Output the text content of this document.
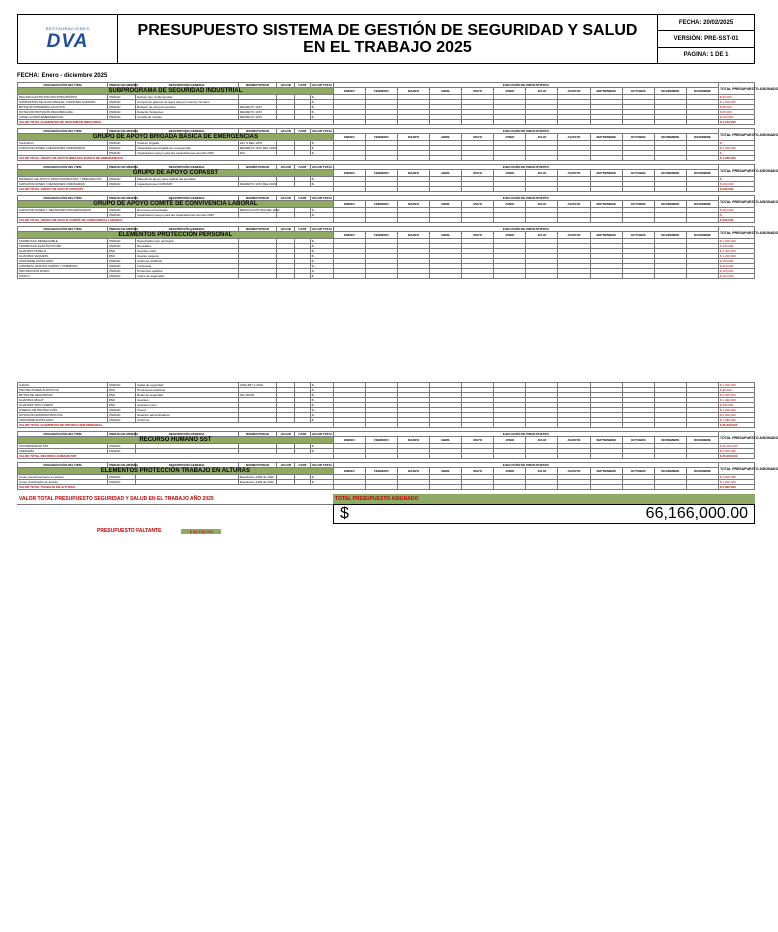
RESTAURACIONES
DVA	PRESUPUESTO SISTEMA DE GESTIÓN DE SEGURIDAD Y SALUD
EN EL TRABAJO 2025
FECHA: 20/02/2025
VERSIÓN: PRE-SST-01
PAGINA: 1 DE 1
FECHA: Enero - diciembre 2025
ORGANIZACIÓN DEL ÍTEM	UNIDAD DE MEDIDA	DESCRIPCIÓN GENERAL	NORMATIVIDAD	VALOR	CANT	VALOR TOTAL	EJECUCIÓN DE PRESUPUESTO												TOTAL PRESUPUESTO ASIGNADO
SUBPROGRAMA DE SEGURIDAD INDUSTRIAL							ENERO	FEBRERO	MARZO	ABRIL	MAYO	JUNIO	JULIO	AGOSTO	SEPTIEMBRE	OCTUBRE	NOVIEMBRE	DICIEMBRE	
RECARGA EXTINTOR MULTIPROPÓSITO	UNIDAD	Extintor tipo multipropósito				$ -													$ 60,000
SUMINISTRO DE AGUA PARA EL CONSUMO HUMANO	UNIDAD	Compra de galones de agua para el consumo humano				$ -													$ 1,200,000
BOTIQUÍN PRIMEROS AUXILIOS	UNIDAD	Botiquín de primeros auxilios	DECRETO 1072			$ -													$ 80,000
DOTACIÓN BOTIQUÍN PARA BRIGADA	UNIDAD	Dotación botiquines	DECRETO 1072			$ -													$ 50,000
CAMILLA PARA EMERGENCIAS	UNIDAD	Camilla de rescate	DECRETO 1072			$ -													$ 120,000
VALOR TOTAL ELEMENTOS DE SEGURIDAD INDUSTRIAL																			$ 1,510,000
ORGANIZACIÓN DEL ÍTEM	UNIDAD DE MEDIDA	DESCRIPCIÓN GENERAL	NORMATIVIDAD	VALOR	CANT	VALOR TOTAL	EJECUCIÓN DE PRESUPUESTO												TOTAL PRESUPUESTO ASIGNADO
GRUPO DE APOYO BRIGADA BÁSICA DE EMERGENCIAS							ENERO	FEBRERO	MARZO	ABRIL	MAYO	JUNIO	JULIO	AGOSTO	SEPTIEMBRE	OCTUBRE	NOVIEMBRE	DICIEMBRE	
CHALECO	UNIDAD	Chaleco brigada	LEY 9 DEL 1979			$ -													$ -
CAPACITACIONES / REUNIONES ORDINARIAS	UNIDAD	Capacitaciones brigada de emergencias	DECRETO 1072 DEL 2015			$ -													$ 1,200,000
	UNIDAD	Capacitación apoyo para las capacitaciones del año 2025	N/A			$ -													$ -
VALOR TOTAL GRUPO DE APOYO BRIGADA BÁSICA DE EMERGENCIAS																			$ 1,200,000
ORGANIZACIÓN DEL ÍTEM	UNIDAD DE MEDIDA	DESCRIPCIÓN GENERAL	NORMATIVIDAD	VALOR	CANT	VALOR TOTAL	EJECUCIÓN DE PRESUPUESTO												TOTAL PRESUPUESTO ASIGNADO
GRUPO DE APOYO COPASST							ENERO	FEBRERO	MARZO	ABRIL	MAYO	JUNIO	JULIO	AGOSTO	SEPTIEMBRE	OCTUBRE	NOVIEMBRE	DICIEMBRE	
MATERIAL DE APOYO PARA PROMOCIÓN Y PREVENCIÓN	UNIDAD	Material de apoyo para realizar las jornadas				$ -													$ -
CAPACITACIONES / REUNIONES ORDINARIAS	UNIDAD	Capacitaciones COPASST	DECRETO 1072 DEL 2015			$ -													$ 600,000
VALOR TOTAL GRUPO DE APOYO COPASST																			$ 600,000
ORGANIZACIÓN DEL ÍTEM	UNIDAD DE MEDIDA	DESCRIPCIÓN GENERAL	NORMATIVIDAD	VALOR	CANT	VALOR TOTAL	EJECUCIÓN DE PRESUPUESTO												TOTAL PRESUPUESTO ASIGNADO
GRUPO DE APOYO COMITÉ DE CONVIVENCIA LABORAL							ENERO	FEBRERO	MARZO	ABRIL	MAYO	JUNIO	JULIO	AGOSTO	SEPTIEMBRE	OCTUBRE	NOVIEMBRE	DICIEMBRE	
CAPACITACIONES Y REUNIONES PROGRAMADAS	UNIDAD	Reuniones trimestrales	RESOLUCIÓN 652 DEL 2012			$ -													$ 300,000
	UNIDAD	Capacitación apoyo para las capacitaciones del año 2025				$ -													$ -
VALOR TOTAL GRUPO DE APOYO COMITÉ DE CONVIVENCIA LABORAL																			$ 300,000
ORGANIZACIÓN DEL ÍTEM	UNIDAD DE MEDIDA	DESCRIPCIÓN GENERAL	NORMATIVIDAD	VALOR	CANT	VALOR TOTAL	EJECUCIÓN DE PRESUPUESTO												TOTAL PRESUPUESTO ASIGNADO
ELEMENTOS PROTECCIÓN PERSONAL							ENERO	FEBRERO	MARZO	ABRIL	MAYO	JUNIO	JULIO	AGOSTO	SEPTIEMBRE	OCTUBRE	NOVIEMBRE	DICIEMBRE	
TAPABOCAS DESECHABLE	UNIDAD	Desechables tipo quirúrgico				$ -													$ 1,200,000
TAPABOCAS ELÁSTICOS N95	UNIDAD	Reusables				$ -													$ 420,000
GUANTES NITRILO	PAR	Guantes nitrilo				$ -													$ 2,400,000
GUANTES VAQUETA	PAR	Guante vaqueta				$ -													$ 1,200,000
UNIFORME ANTIFLUIDO	UNIDAD	Uniforme antifluido				$ -													$ 420,000
CAMISETA OFICIOS VARIOS / CAMIBUSO	UNIDAD	Camisetas				$ -													$ 420,000
PROTECCIÓN RUIDO	UNIDAD	Protección auditiva				$ -													$ 420,000
CASCO	UNIDAD	Casco de seguridad				$ -													$ 420,000
GAFAS	UNIDAD	Gafas de seguridad	ANSI Z87.1-2010			$ -													$ 1,200,000
PROTECTORES AUDITIVOS	PAR	Protectores auditivos				$ -													$ 96,000
BOTAS DE SEGURIDAD	PAR	Botas de seguridad	ISO 20345			$ -													$ 6,000,000
GUANTES RIGHT	PAR	Guantes				$ -													$ 1,440,000
GUANTES TIPO CUERO	PAR	Guantes cuero				$ -													$ 900,000
OVEROL DE PROTECCIÓN	UNIDAD	Overol				$ -													$ 1,200,000
DOTACIÓN ADMINISTRATIVOS	UNIDAD	Dotación administrativos				$ -													$ 6,000,000
UNIFORME ANTIFLUIDO	UNIDAD	Uniforme				$ -													$ 1,680,000
VALOR TOTAL ELEMENTOS DE PROTECCIÓN PERSONAL																			$ 25,000,000
ORGANIZACIÓN DEL ÍTEM	UNIDAD DE MEDIDA	DESCRIPCIÓN GENERAL	NORMATIVIDAD	VALOR	CANT	VALOR TOTAL	EJECUCIÓN DE PRESUPUESTO												TOTAL PRESUPUESTO ASIGNADO
RECURSO HUMANO SST							ENERO	FEBRERO	MARZO	ABRIL	MAYO	JUNIO	JULIO	AGOSTO	SEPTIEMBRE	OCTUBRE	NOVIEMBRE	DICIEMBRE	
COORDINADOR SST	UNIDAD					$ -													$ 30,000,000
ASESORÍA	UNIDAD					$ -													$ 5,000,000
VALOR TOTAL RECURSO HUMANO SST																			$ 35,000,000
ORGANIZACIÓN DEL ÍTEM	UNIDAD DE MEDIDA	DESCRIPCIÓN GENERAL	NORMATIVIDAD	VALOR	CANT	VALOR TOTAL	EJECUCIÓN DE PRESUPUESTO												TOTAL PRESUPUESTO ASIGNADO
ELEMENTOS PROTECCIÓN TRABAJO EN ALTURAS							ENERO	FEBRERO	MARZO	ABRIL	MAYO	JUNIO	JULIO	AGOSTO	SEPTIEMBRE	OCTUBRE	NOVIEMBRE	DICIEMBRE	
Curso reentrenamiento en alturas	UNIDAD		Resolución 1409 de 2012			$ -													$ 1,600,000
Curso coordinador de alturas	UNIDAD		Resolución 1409 de 2012			$ -													$ 1,000,000
VALOR TOTAL TRABAJO EN ALTURAS																			$ 2,600,000
VALOR TOTAL PRESUPUESTO SEGURIDAD Y SALUD EN EL TRABAJO AÑO 2025	TOTAL PRESUPUESTO ASIGNADO
$	66,166,000.00
PRESUPUESTO FALTANTE	$ 66,166,000
